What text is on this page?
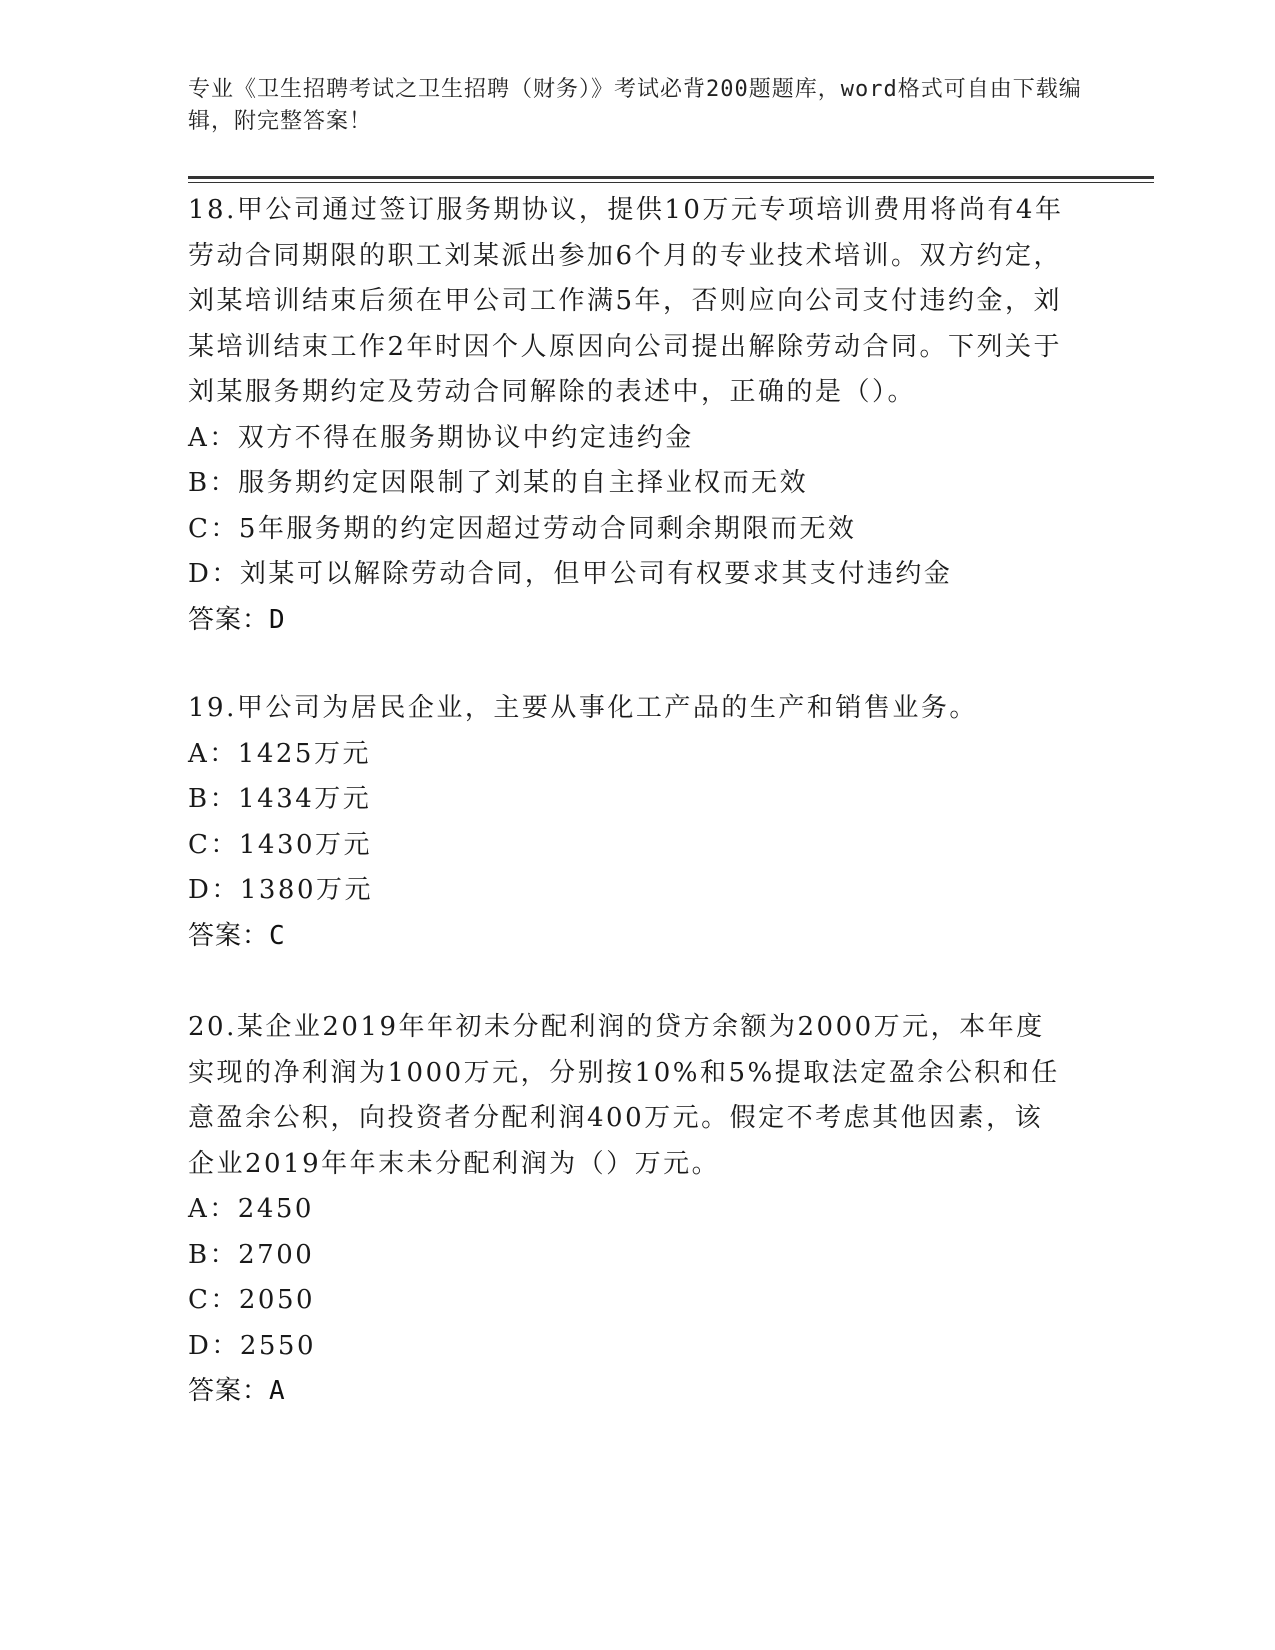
专业《卫生招聘考试之卫生招聘（财务）》考试必背200题题库，word格式可自由下载编辑，附完整答案！

18.甲公司通过签订服务期协议，提供10万元专项培训费用将尚有4年劳动合同期限的职工刘某派出参加6个月的专业技术培训。双方约定，刘某培训结束后须在甲公司工作满5年，否则应向公司支付违约金，刘某培训结束工作2年时因个人原因向公司提出解除劳动合同。下列关于刘某服务期约定及劳动合同解除的表述中，正确的是（）。

A：双方不得在服务期协议中约定违约金

B：服务期约定因限制了刘某的自主择业权而无效

C：5年服务期的约定因超过劳动合同剩余期限而无效

D：刘某可以解除劳动合同，但甲公司有权要求其支付违约金

答案：D

19.甲公司为居民企业，主要从事化工产品的生产和销售业务。

A：1425万元

B：1434万元

C：1430万元

D：1380万元

答案：C

20.某企业2019年年初未分配利润的贷方余额为2000万元，本年度实现的净利润为1000万元，分别按10%和5%提取法定盈余公积和任意盈余公积，向投资者分配利润400万元。假定不考虑其他因素，该企业2019年年末未分配利润为（）万元。

A：2450

B：2700

C：2050

D：2550

答案：A
